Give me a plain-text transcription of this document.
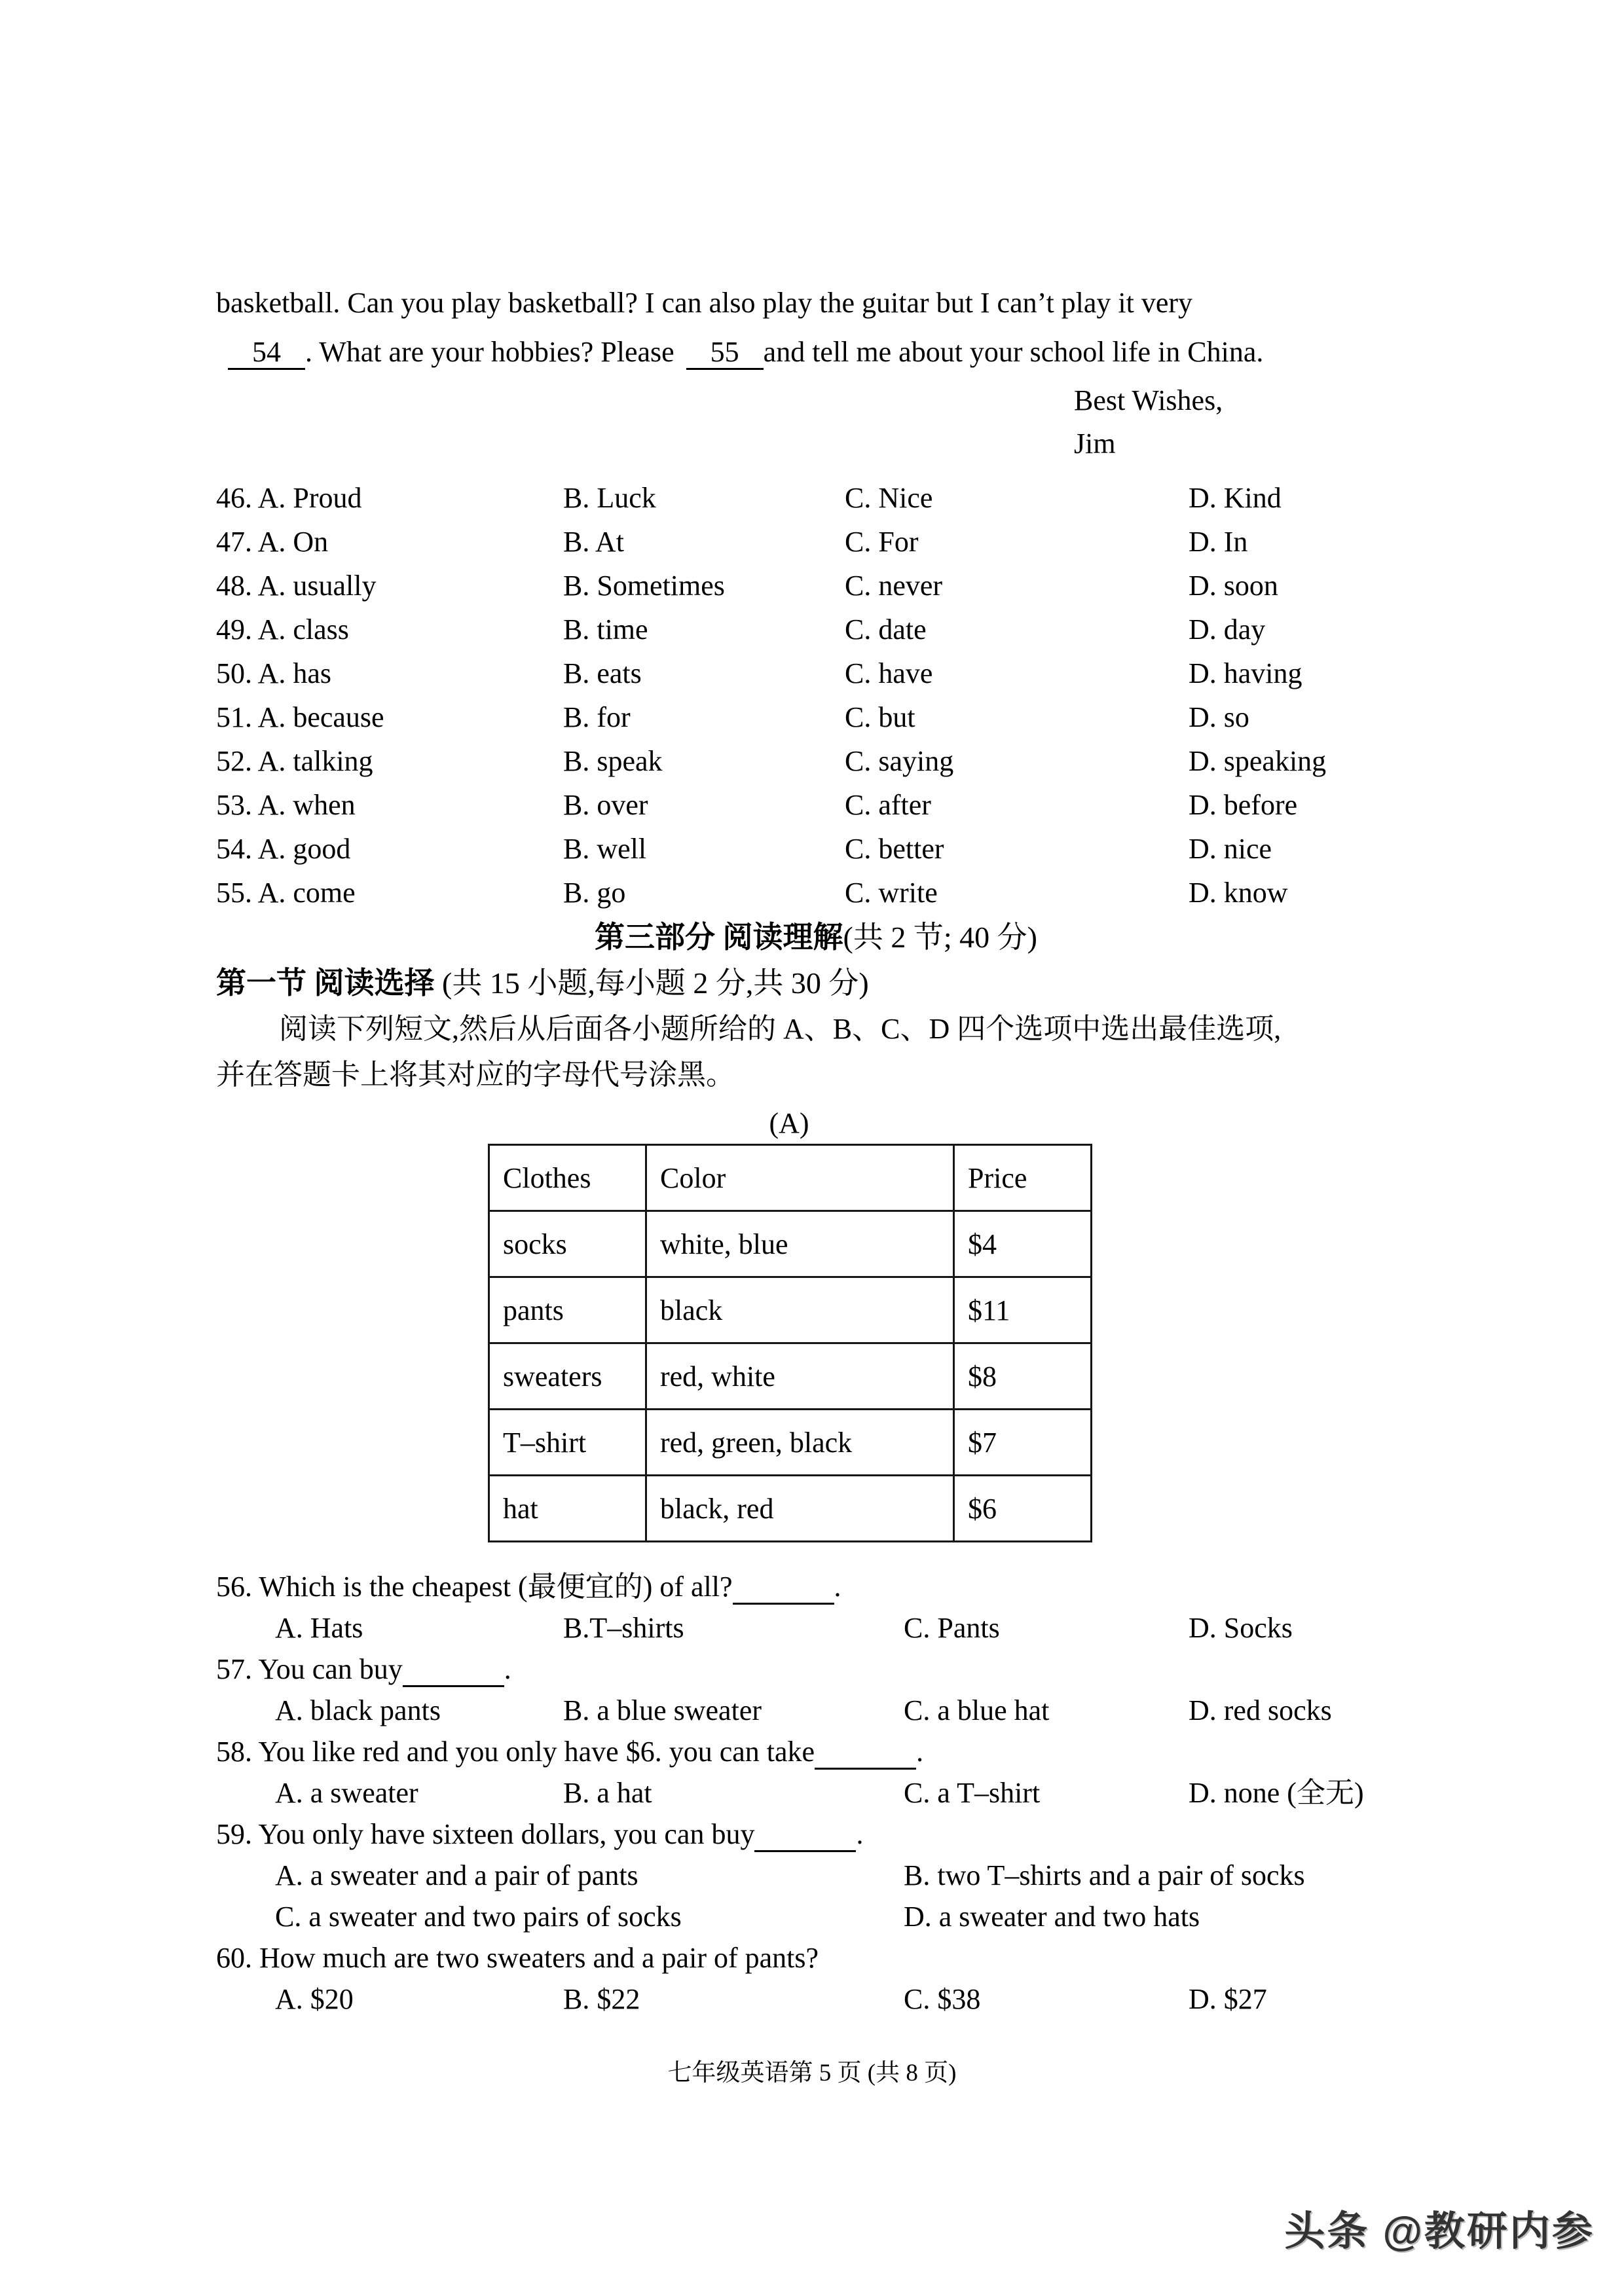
basketball. Can you play basketball? I can also play the guitar but I can’t play it very

54 . What are your hobbies? Please 55 and tell me about your school life in China.

Best Wishes,
Jim
46. A. Proud	B. Luck	C. Nice	D. Kind
47. A. On	B. At	C. For	D. In
48. A. usually	B. Sometimes	C. never	D. soon
49. A. class	B. time	C. date	D. day
50. A. has	B. eats	C. have	D. having
51. A. because	B. for	C. but	D. so
52. A. talking	B. speak	C. saying	D. speaking
53. A. when	B. over	C. after	D. before
54. A. good	B. well	C. better	D. nice
55. A. come	B. go	C. write	D. know
第三部分 阅读理解(共 2 节; 40 分)
第一节 阅读选择 (共 15 小题,每小题 2 分,共 30 分)

阅读下列短文,然后从后面各小题所给的 A、B、C、D 四个选项中选出最佳选项,

并在答题卡上将其对应的字母代号涂黑。

(A)
Clothes	Color	Price
socks	white, blue	$4
pants	black	$11
sweaters	red, white	$8
T–shirt	red, green, black	$7
hat	black, red	$6
56. Which is the cheapest (最便宜的) of all?	.
A. Hats	B.T–shirts	C. Pants	D. Socks
57. You can buy	.
A. black pants	B. a blue sweater	C. a blue hat	D. red socks
58. You like red and you only have $6. you can take	.
A. a sweater	B. a hat	C. a T–shirt	D. none (全无)
59. You only have sixteen dollars, you can buy	.
A. a sweater and a pair of pants	B. two T–shirts and a pair of socks
C. a sweater and two pairs of socks	D. a sweater and two hats
60. How much are two sweaters and a pair of pants?
A. $20	B. $22	C. $38	D. $27
七年级英语第 5 页 (共 8 页)
头条 @教研内参
